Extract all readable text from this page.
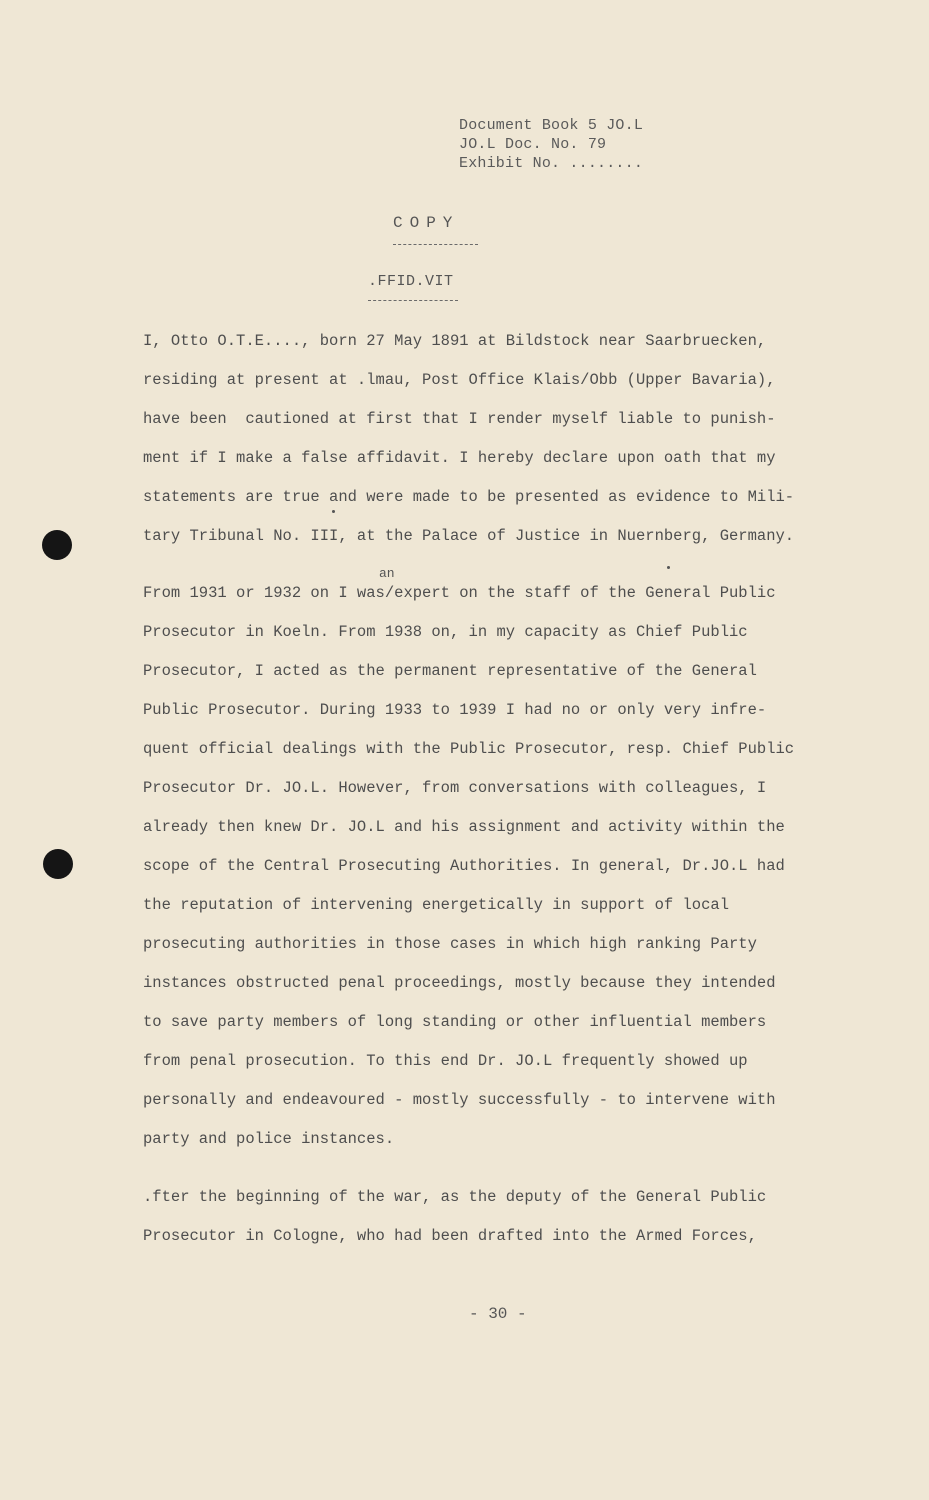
Document Book 5 JO.L
JO.L Doc. No. 79
Exhibit No. ........
COPY
.FFID.VIT
I, Otto O.T.E...., born 27 May 1891 at Bildstock near Saarbruecken,
residing at present at .lmau, Post Office Klais/Obb (Upper Bavaria),
have been  cautioned at first that I render myself liable to punish-
ment if I make a false affidavit. I hereby declare upon oath that my
statements are true and were made to be presented as evidence to Mili-
tary Tribunal No. III, at the Palace of Justice in Nuernberg, Germany.
an
From 1931 or 1932 on I was/expert on the staff of the General Public
Prosecutor in Koeln. From 1938 on, in my capacity as Chief Public
Prosecutor, I acted as the permanent representative of the General
Public Prosecutor. During 1933 to 1939 I had no or only very infre-
quent official dealings with the Public Prosecutor, resp. Chief Public
Prosecutor Dr. JO.L. However, from conversations with colleagues, I
already then knew Dr. JO.L and his assignment and activity within the
scope of the Central Prosecuting Authorities. In general, Dr.JO.L had
the reputation of intervening energetically in support of local
prosecuting authorities in those cases in which high ranking Party
instances obstructed penal proceedings, mostly because they intended
to save party members of long standing or other influential members
from penal prosecution. To this end Dr. JO.L frequently showed up
personally and endeavoured - mostly successfully - to intervene with
party and police instances.
.fter the beginning of the war, as the deputy of the General Public
Prosecutor in Cologne, who had been drafted into the Armed Forces,
- 30 -
